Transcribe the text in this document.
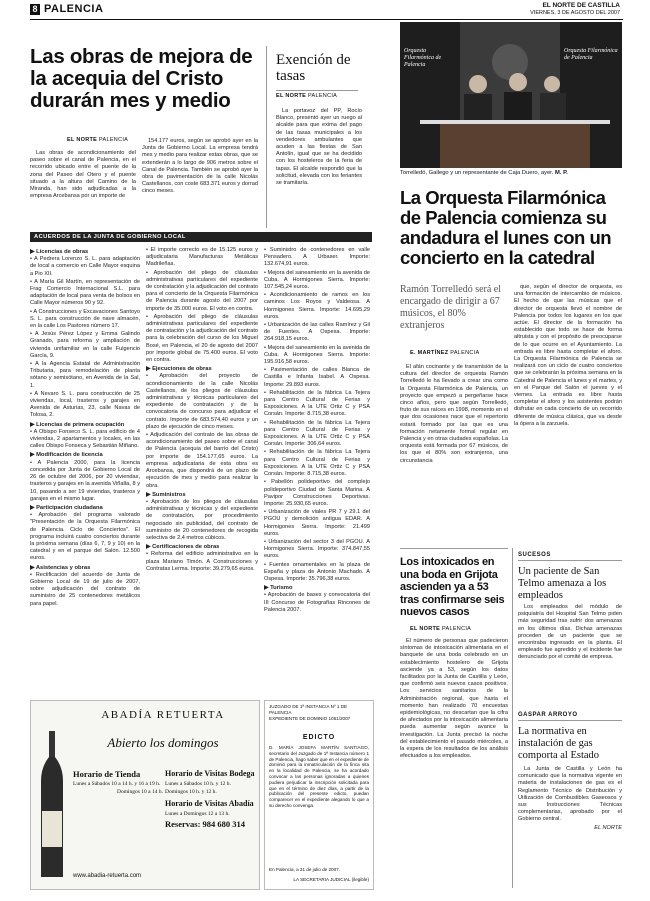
8 PALENCIA	EL NORTE DE CASTILLA
VIERNES, 3 DE AGOSTO DEL 2007
Las obras de mejora de la acequia del Cristo durarán mes y medio
EL NORTE PALENCIA

Las obras de acondicionamiento del paseo sobre el canal de Palencia, en el recorrido ubicado entre el puente de la zona del Paseo del Otero y el puente situado a la altura del Camino de la Miranda, han sido adjudicadas a la empresa Arcebansa por un importe de

154.177 euros, según se aprobó ayer en la Junta de Gobierno Local. La empresa tendrá mes y medio para realizar estas obras, que se extenderán a lo largo de 906 metros sobre el Canal de Palencia. También se aprobó ayer la obra de pavimentación de la calle Nicolás Castellanos, con coste 683.371 euros y dorrad cinco meses.

Exención de tasas
EL NORTE PALENCIA

La portavoz del PP, Rocío Blanco, presentó ayer un ruego al alcalde para que exima del pago de las tasas municipales a los vendedores ambulantes que acuden a las fiestas de San Antolín, igual que se ha decidido con los hosteleros de la feria de tapas. El alcalde respondió que la solicitud, elevada con los feriantes se tramitaría.

ACUERDOS DE LA JUNTA DE GOBIERNO LOCAL
▶ Licencias de obras
• A Pedrera Lorenzo S. L. para adaptación de local a comercio en Calle Mayor esquina a Pio XII.
• A María Gil Martín, en representación de Frag Comercio Internacional S.L. para adaptación de local para venta de bolsos en Calle Mayor números 90 y 92.
• A Construcciones y Excavaciones Santoyo S. L. para construcción de nave almacén, en la calle Los Pastores número 17.
• A Jesús Pérez López y Emma Galindo Granado, para reforma y ampliación de vivienda unifamiliar en la calle Fulgencio García, 9.
• A la Agencia Estatal de Administración Tributaria, para remodelación de planta sótano y semisótano, en Avenida de la Sal, 1.
• A Nevaro S. L. para construcción de 25 viviendas, local, trasteros y garajes en Avenida de Asturias, 23, calle Navas de Tolosa, 2.
▶ Licencias de primera ocupación
• A Obispo Fonseco S. L. para edificio de 4 viviendas, 2 apartamentos y locales, en las calles Obispo Fonseca y Sebastián Miñano.
▶ Modificación de licencia
• A Palencia 2000, para la licencia concedida por Junta de Gobierno Local de 26 de octubre del 2006, por 20 viviendas, trasteros y garajes en la avenida Viñalta, 8 y 10, pasando a ser 19 viviendas, trasteros y garajes en el mismo lugar.
▶ Participación ciudadana
• Aprobación del programa valorado "Presentación de la Orquesta Filarmónica de Palencia. Ciclo de Conciertos". El programa incluirá cuatro conciertos durante la próxima semana (días 6, 7, 9 y 10) en la catedral y en el parque del Salón. 12.500 euros.
▶ Asistencias y obras
• Rectificación del acuerdo de Junta de Gobierno Local de 19 de julio de 2007, sobre adjudicación del contrato de suministro de 25 contenedores metálicos para papel.
• El importe correcto es de 15.125 euros y adjudicataria Manufacturas Metálicas Madrileñas.
• Aprobación del pliego de cláusulas administrativas particulares del expediente de contratación y la adjudicación del contrato para el concierto de la Orquesta Filarmónica de Palencia durante agosto del 2007 por importe de 35.000 euros. El voto en contra.
• Aprobación del pliego de cláusulas administrativas particulares del expediente de contratación y la adjudicación del contrato para la celebración del curso de los Miguel Bosé, en Palencia, el 20 de agosto del 2007 por importe global de 75.400 euros. El voto en contra.
▶ Ejecuciones de obras
• Aprobación del proyecto de acondicionamiento de la calle Nicolás Castellanos, de los pliegos de cláusulas administrativas y técnicas particulares del expediente de contratación y de la convocatoria de concurso para adjudicar el contrato. Importe de 683.574,40 euros y un plazo de ejecución de cinco meses.
• Adjudicación del contrato de las obras de acondicionamiento del paseo sobre el canal de Palencia (acequia del barrio del Cristo) por importe de 154.177,65 euros. La empresa adjudicataria de esta obra es Arcebansa, que dispondrá de un plazo de ejecución de mes y medio para realizar la obra.
▶ Suministros
• Aprobación de los pliegos de cláusulas administrativas y técnicas y del expediente de contratación, por procedimiento negociado sin publicidad, del contrato de suministro de 20 contenedores de recogida selectiva de 2,4 metros cúbicos.
▶ Certificaciones de obras
• Reforma del edificio administrativo en la plaza Mariano Timón. A Construcciones y Contratas Lerma. Importe: 39.279,65 euros.
• Suministro de contenedores en valle Pensadero. A Urbaser. Importe: 132.674,91 euros.
• Mejora del saneamiento en la avenida de Cuba. A Hormigones Sierra. Importe: 107.545,24 euros.
• Acondicionamiento de ramos en los caminos Los Royos y Valdeosa. A Hormigones Sierra. Importe: 14.695,29 euros.
• Urbanización de las calles Ramírez y Gil de Fuentes. A Ospesa. Importe: 264.918,15 euros.
• Mejora del saneamiento en la avenida de Cuba. A Hormigones Sierra. Importe: 195.916,58 euros.
• Pavimentación de calles Blanca de Castilla e Infanta Isabel. A Ospesa. Importe: 29.893 euros.
• Rehabilitación de la fábrica La Tejera para Centro Cultural de Ferias y Exposiciones. A la UTE Ortiz C y PSA Corsán. Importe: 8.715,38 euros.
• Rehabilitación de la fábrica La Tejera para Centro Cultural de Ferias y Exposiciones. A la UTE Ortiz C y PSA Corsán. Importe: 306,64 euros.
• Rehabilitación de la fábrica La Tejera para Centro Cultural de Ferias y Exposiciones. A la UTE Ortiz C y PSA Corsán. Importe: 8.715,38 euros.
• Pabellón polideportivo del complejo polideportivo Ciudad de Santa Marina. A Pavipor Construcciones Deportivas. Importe: 25.930,65 euros.
• Urbanización de viales PR 7 y 29.1 del PGOU y demolición antigua EDAR. A Hormigones Sierra. Importe: 21.499 euros.
• Urbanización del sector 3 del PGOU. A Hormigones Sierra. Importe: 374.847,55 euros.
• Fuentes ornamentales en la plaza de España y plaza de Antonio Machado. A Ospesa. Importe: 35.796,38 euros.
▶ Turismo
• Aprobación de bases y convocatoria del III Concurso de Fotografías Rincones de Palencia 2007.
ABADÍA RETUERTA
Abierto los domingos
Horario de Tienda
Lunes a Sábados 10 a 14 h. y 16 a 19 h.
Domingos 10 a 14 h.
Horario de Visitas Bodega
Lunes a Sábados 10 h. y 12 h.
Domingos 10 h. y 12 h.
Horario de Visitas Abadía
Lunes a Domingos 12 a 13 h.
Reservas: 984 680 314
www.abadia-retuerta.com
JUZGADO DE 1ª INSTANCIA Nº 1 DE PALENCIA
EXPEDIENTE DE DOMINIO 1051/2007
EDICTO
D. MARÍA JOSEFA MARTÍN SANTIAGO, secretario del Juzgado de 1ª Instancia número 1 de Palencia, hago saber que en el expediente de dominio para la inmatriculación de la finca sita en la localidad de Palencia, se ha acordado convocar a las personas ignoradas a quienes pudiera perjudicar la inscripción solicitada para que en el término de diez días, a partir de la publicación del presente edicto, puedan comparecer en el expediente alegando lo que a su derecho convenga.
En Palencia, a 31 de julio de 2007.
LA SECRETARIA JUDICIAL (ilegible)
Orquesta Filarmónica de Palencia
Orquesta Filarmónica de Palencia
Torrelledó, Gallego y un representante de Caja Duero, ayer. M. P.
La Orquesta Filarmónica de Palencia comienza su andadura el lunes con un concierto en la catedral
Ramón Torrelledó será el encargado de dirigir a 67 músicos, el 80% extranjeros
E. MARTÍNEZ PALENCIA

El afán cocinante y de transmisión de la cultura del director de orquesta Ramón Torrelledó le ha llevado a crear una como la Orquesta Filarmónica de Palencia, un proyecto que empezó a pergeñarse hace cinco años, pero que según Torrelledó, fruto de sus raíces en 1998, momento en el que dos ocasiones nace que el repertorio estará formado por las que es una formación netamente formal regular en Palencia y en otras ciudades españolas. La orquesta está formada por 67 músicos, de los que el 80% son extranjeros, una circunstancia

que, según el director de orquesta, es una formación de intercambio de músicos. El hecho de que las músicas que el director de orquesta llevó el nombre de Palencia por todos los lugares en los que actúe. El director de la formación ha establecido que todo se hace de forma altruista y con el propósito de preocuparse de lo que ocurre en el Ayuntamiento. La entrada es libre hasta completar el aforo. La Orquesta Filarmónica de Palencia se realizará con un ciclo de cuatro conciertos que se celebrarán la próxima semana en la Catedral de Palencia el lunes y el martes, y en el Parque del Salón el jueves y el viernes. La entrada es libre hasta completar el aforo y los asistentes podrán disfrutar en cada concierto de un recorrido diferente de música clásica, que va desde la ópera a la zarzuela.

Los intoxicados en una boda en Grijota ascienden ya a 53 tras confirmarse seis nuevos casos
EL NORTE PALENCIA

El número de personas que padecieron síntomas de intoxicación alimentaria en el banquete de una boda celebrado en un establecimiento hostelero de Grijota asciende ya a 53, según los datos facilitados por la Junta de Castilla y León, que confirmó seis nuevos casos positivos. Los servicios sanitarios de la Administración regional, que hasta el momento han realizado 70 encuestas epidemiológicas, no descartan que la cifra de afectados por la intoxicación alimentaria pueda aumentar según avance la investigación. La Junta precisó la noche del establecimiento el pasado miércoles, a la espera de los resultados de los análisis efectuados a los empleados.

SUCESOS
Un paciente de San Telmo amenaza a los empleados

Los empleados del módulo de psiquiatría del Hospital San Telmo piden más seguridad tras sufrir dos amenazas en los últimos días. Dichas amenazas proceden de un paciente que se encontraba ingresado en la planta. El empleado fue agredido y el incidente fue denunciado por el comité de empresa.

GASPAR ARROYO
La normativa en instalación de gas comporta al Estado

La Junta de Castilla y León ha comunicado que la normativa vigente en materia de instalaciones de gas es el Reglamento Técnico de Distribución y Utilización de Combustibles Gaseosos y sus Instrucciones Técnicas complementarias, aprobado por el Gobierno central.

EL NORTE
